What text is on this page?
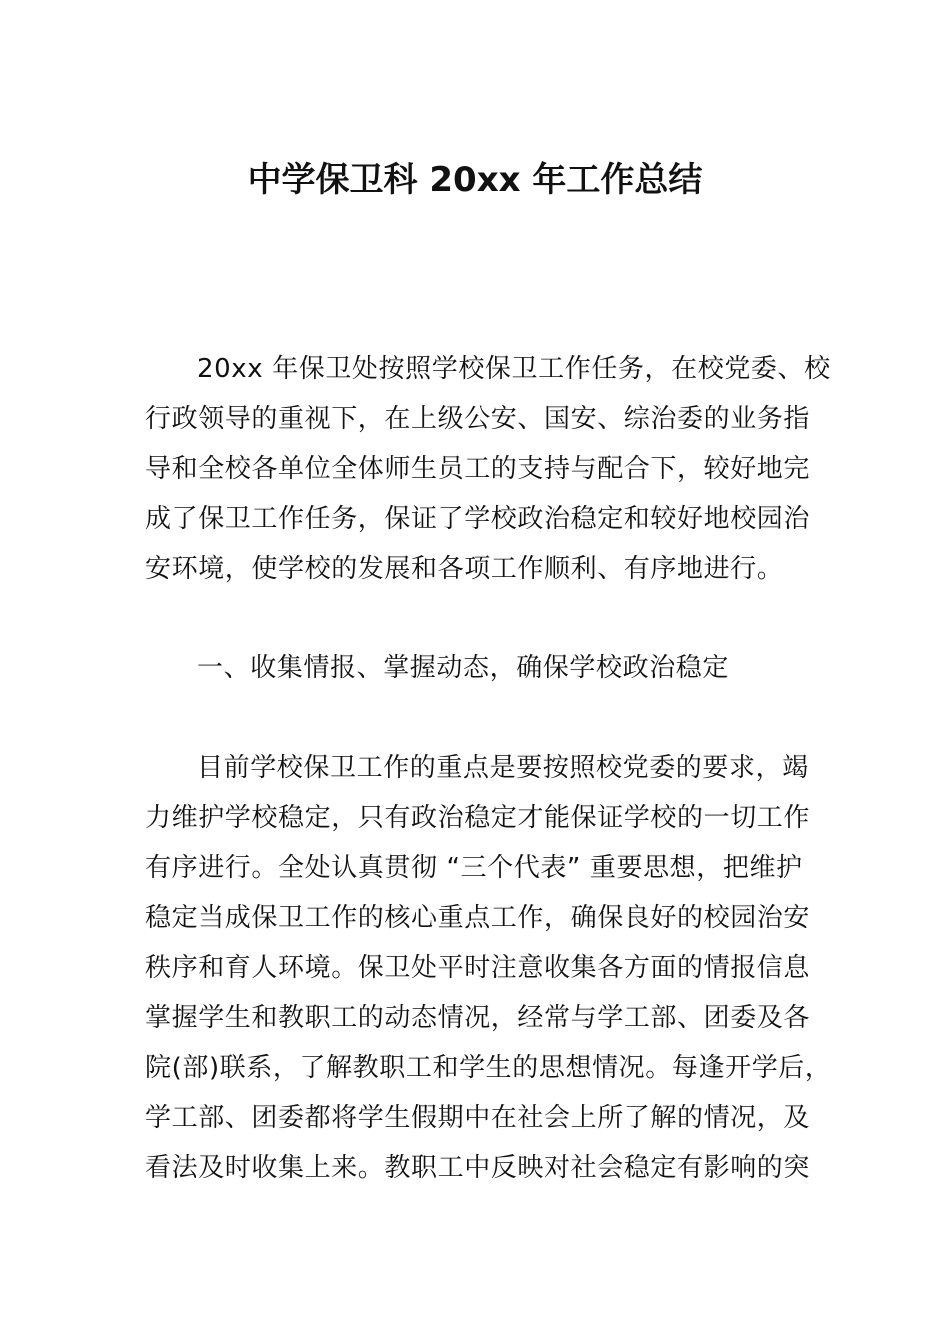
中学保卫科 20xx 年工作总结
20xx 年保卫处按照学校保卫工作任务，在校党委、校
行政领导的重视下，在上级公安、国安、综治委的业务指
导和全校各单位全体师生员工的支持与配合下，较好地完
成了保卫工作任务，保证了学校政治稳定和较好地校园治
安环境，使学校的发展和各项工作顺利、有序地进行。
一、收集情报、掌握动态，确保学校政治稳定
目前学校保卫工作的重点是要按照校党委的要求，竭
力维护学校稳定，只有政治稳定才能保证学校的一切工作
有序进行。全处认真贯彻 “三个代表” 重要思想，把维护
稳定当成保卫工作的核心重点工作，确保良好的校园治安
秩序和育人环境。保卫处平时注意收集各方面的情报信息
掌握学生和教职工的动态情况，经常与学工部、团委及各
院(部)联系，了解教职工和学生的思想情况。每逢开学后，
学工部、团委都将学生假期中在社会上所了解的情况，及
看法及时收集上来。教职工中反映对社会稳定有影响的突
